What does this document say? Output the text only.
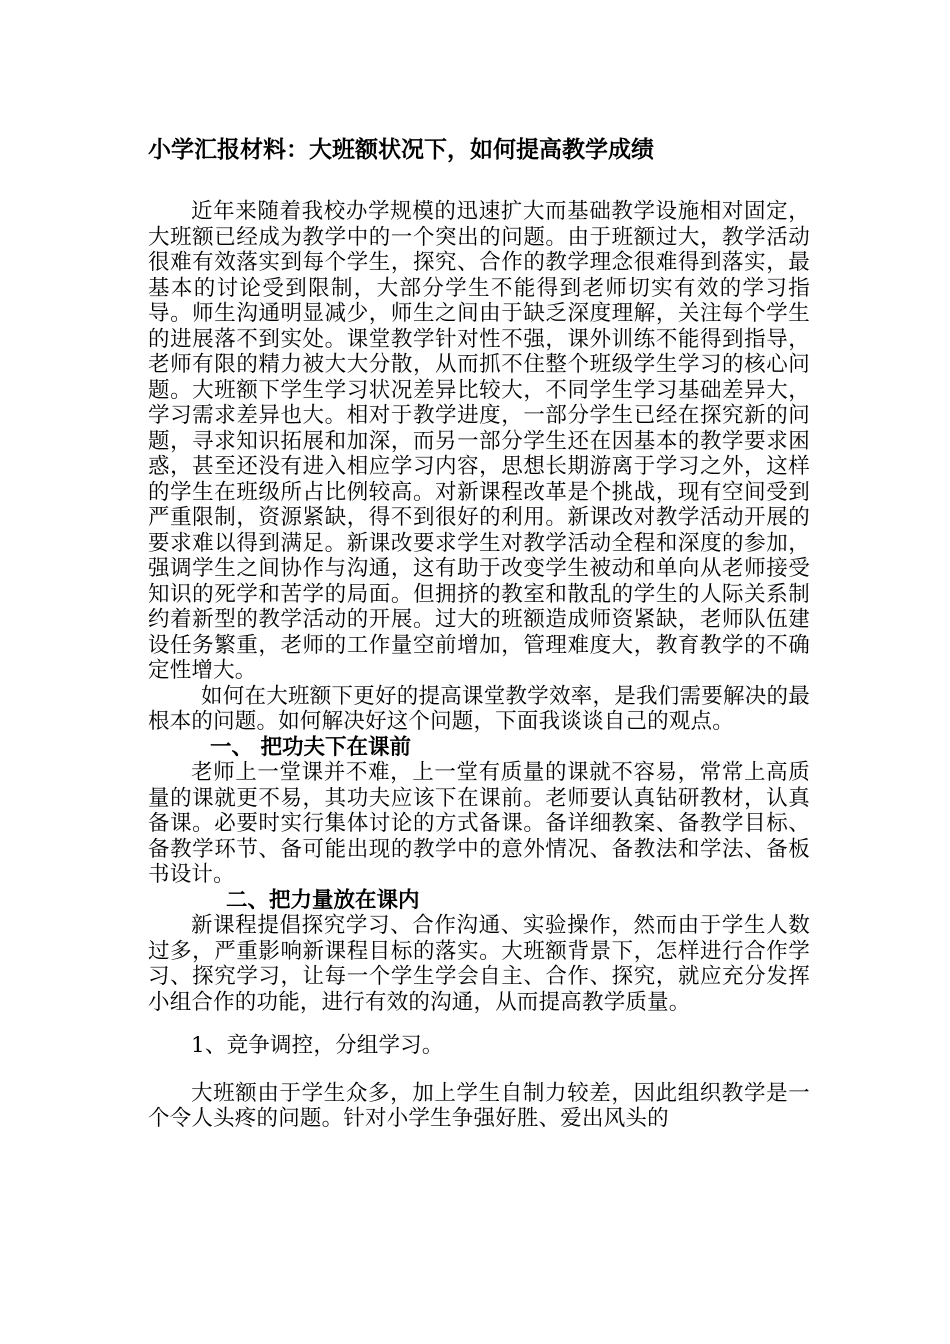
小学汇报材料：大班额状况下，如何提高教学成绩

近年来随着我校办学规模的迅速扩大而基础教学设施相对固定，大班额已经成为教学中的一个突出的问题。由于班额过大，教学活动很难有效落实到每个学生，探究、合作的教学理念很难得到落实，最基本的讨论受到限制，大部分学生不能得到老师切实有效的学习指导。师生沟通明显减少，师生之间由于缺乏深度理解，关注每个学生的进展落不到实处。课堂教学针对性不强，课外训练不能得到指导，老师有限的精力被大大分散，从而抓不住整个班级学生学习的核心问题。大班额下学生学习状况差异比较大，不同学生学习基础差异大，学习需求差异也大。相对于教学进度，一部分学生已经在探究新的问题，寻求知识拓展和加深，而另一部分学生还在因基本的教学要求困惑，甚至还没有进入相应学习内容，思想长期游离于学习之外，这样的学生在班级所占比例较高。对新课程改革是个挑战，现有空间受到严重限制，资源紧缺，得不到很好的利用。新课改对教学活动开展的要求难以得到满足。新课改要求学生对教学活动全程和深度的参加，强调学生之间协作与沟通，这有助于改变学生被动和单向从老师接受知识的死学和苦学的局面。但拥挤的教室和散乱的学生的人际关系制约着新型的教学活动的开展。过大的班额造成师资紧缺，老师队伍建设任务繁重，老师的工作量空前增加，管理难度大，教育教学的不确定性增大。

如何在大班额下更好的提高课堂教学效率，是我们需要解决的最根本的问题。如何解决好这个问题，下面我谈谈自己的观点。

一、 把功夫下在课前

老师上一堂课并不难，上一堂有质量的课就不容易，常常上高质量的课就更不易，其功夫应该下在课前。老师要认真钻研教材，认真备课。必要时实行集体讨论的方式备课。备详细教案、备教学目标、备教学环节、备可能出现的教学中的意外情况、备教法和学法、备板书设计。

二、把力量放在课内

新课程提倡探究学习、合作沟通、实验操作，然而由于学生人数过多，严重影响新课程目标的落实。大班额背景下，怎样进行合作学习、探究学习，让每一个学生学会自主、合作、探究，就应充分发挥小组合作的功能，进行有效的沟通，从而提高教学质量。

1、竞争调控，分组学习。

大班额由于学生众多，加上学生自制力较差，因此组织教学是一个令人头疼的问题。针对小学生争强好胜、爱出风头的
